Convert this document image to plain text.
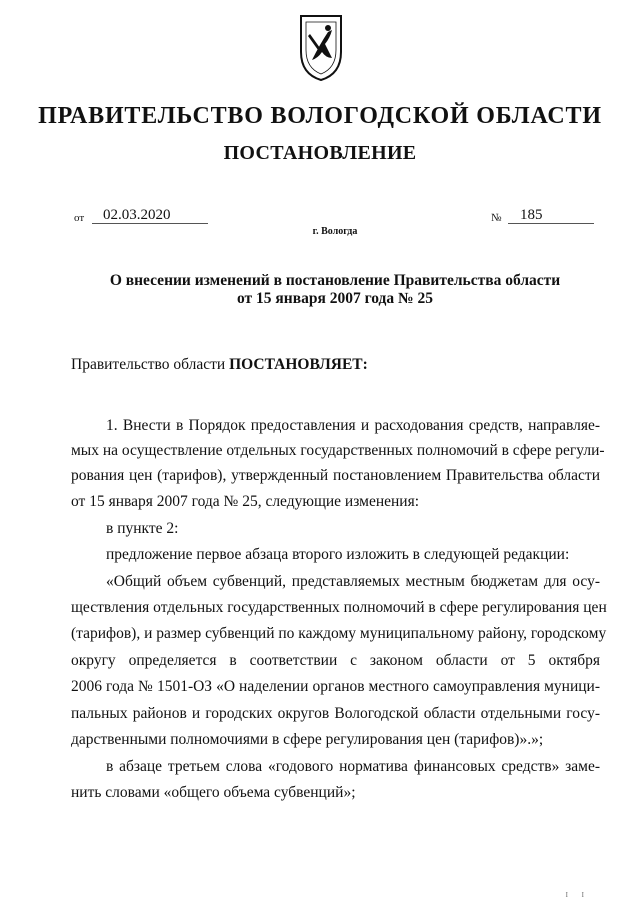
ПРАВИТЕЛЬСТВО ВОЛОГОДСКОЙ ОБЛАСТИ
ПОСТАНОВЛЕНИЕ
от 02.03.2020
г. Вологда
№ 185
О внесении изменений в постановление Правительства области
от 15 января 2007 года № 25
Правительство области ПОСТАНОВЛЯЕТ:
1. Внести в Порядок предоставления и расходования средств, направляе-
мых на осуществление отдельных государственных полномочий в сфере регули-
рования цен (тарифов), утвержденный постановлением Правительства области
от 15 января 2007 года № 25, следующие изменения:
в пункте 2:
предложение первое абзаца второго изложить в следующей редакции:
«Общий объем субвенций, представляемых местным бюджетам для осу-
ществления отдельных государственных полномочий в сфере регулирования цен
(тарифов), и размер субвенций по каждому муниципальному району, городскому
округу определяется в соответствии с законом области от 5 октября
2006 года № 1501-ОЗ «О наделении органов местного самоуправления муници-
пальных районов и городских округов Вологодской области отдельными госу-
дарственными полномочиями в сфере регулирования цен (тарифов)».»;
в абзаце третьем слова «годового норматива финансовых средств» заме-
нить словами «общего объема субвенций»;
I I
